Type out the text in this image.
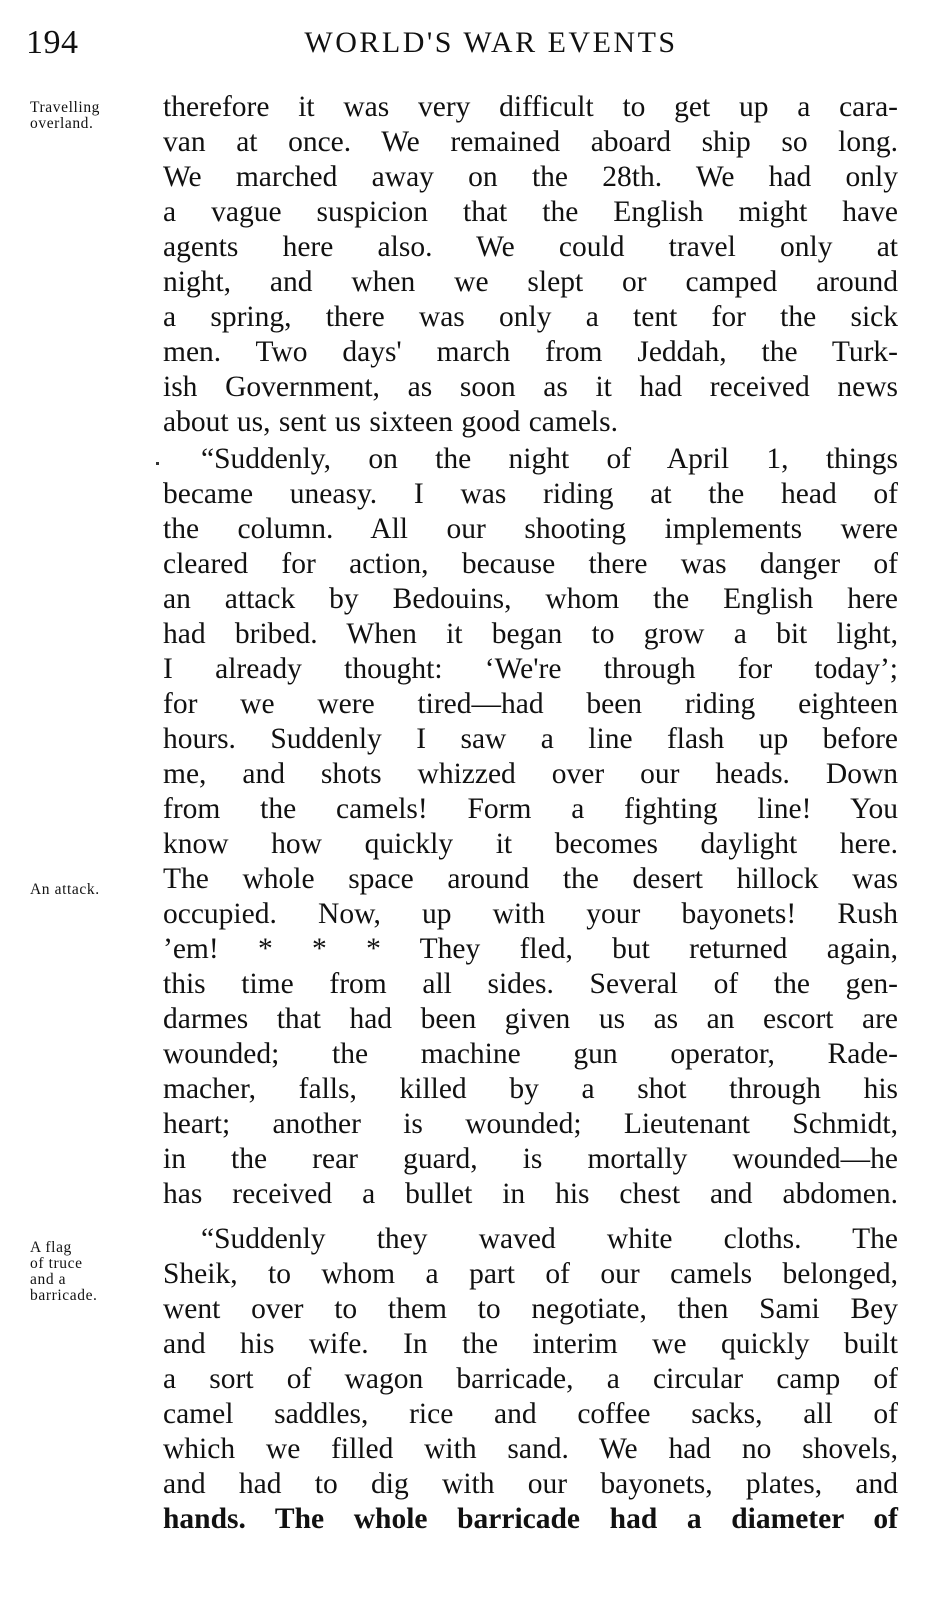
194	WORLD'S WAR EVENTS
Travelling
overland.
An attack.
A flag
of truce
and a
barricade.
therefore it was very difficult to get up a cara-
van at once. We remained aboard ship so long.
We marched away on the 28th. We had only
a vague suspicion that the English might have
agents here also. We could travel only at
night, and when we slept or camped around
a spring, there was only a tent for the sick
men. Two days' march from Jeddah, the Turk-
ish Government, as soon as it had received news
about us, sent us sixteen good camels.
“Suddenly, on the night of April 1, things
became uneasy. I was riding at the head of
the column. All our shooting implements were
cleared for action, because there was danger of
an attack by Bedouins, whom the English here
had bribed. When it began to grow a bit light,
I already thought: ‘We're through for today’;
for we were tired—had been riding eighteen
hours. Suddenly I saw a line flash up before
me, and shots whizzed over our heads. Down
from the camels! Form a fighting line! You
know how quickly it becomes daylight here.
The whole space around the desert hillock was
occupied. Now, up with your bayonets! Rush
’em! * * * They fled, but returned again,
this time from all sides. Several of the gen-
darmes that had been given us as an escort are
wounded; the machine gun operator, Rade-
macher, falls, killed by a shot through his
heart; another is wounded; Lieutenant Schmidt,
in the rear guard, is mortally wounded—he
has received a bullet in his chest and abdomen.
“Suddenly they waved white cloths. The
Sheik, to whom a part of our camels belonged,
went over to them to negotiate, then Sami Bey
and his wife. In the interim we quickly built
a sort of wagon barricade, a circular camp of
camel saddles, rice and coffee sacks, all of
which we filled with sand. We had no shovels,
and had to dig with our bayonets, plates, and
hands. The whole barricade had a diameter of
